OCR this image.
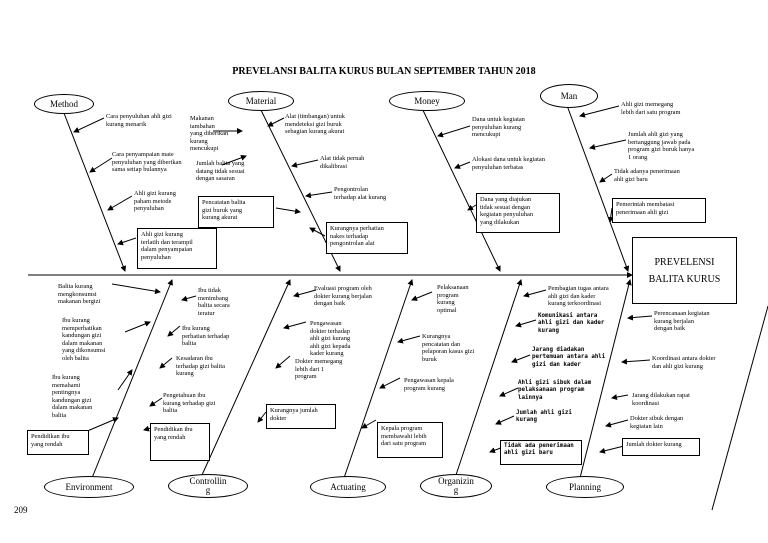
PREVELANSI BALITA KURUS BULAN SEPTEMBER TAHUN 2018
PREVELENSI
BALITA KURUS
Method	Material	Money	Man
Environment
Controllin
g	Actuating
Organizin
g	Planning
Cara penyuluhan ahli gizi
kurang menarik
Cara penyampaian mate
penyuluhan yang diberikan
sama setiap bulannya
Ahli gizi kurang
paham metode
penyuluhan
Ahli gizi kurang
terlatih dan terampil
dalam penyampaian
penyuluhan
Makanan
tambahan
yang diberikan
kurang
mencukupi
Jumlah balita yang
datang tidak sesuai
dengan sasaran
Pencatatan balita
gizi buruk yang
kurang akurat
Alat (timbangan) untuk
mendeteksi gizi buruk
sebagian kurang akurat
Alat tidak pernah
dikalibrasi
Pengontrolan
terhadap alat kurang
Kurangnya perhatian
nakes terhadap
pengontrolan alat
Dana untuk kegiatan
penyuluhan kurang
mencukupi
Alokasi dana untuk kegiatan
penyuluhan terbatas
Dana yang diajukan
tidak sesuai dengan
kegiatan penyuluhan
yang dilakukan
Ahli gizi memegang
lebih dari satu program
Jumlah ahli gizi yang
bertanggung jawab pada
program gizi buruk hanya
1 orang
Tidak adanya penerimaan
ahli gizi baru
Pemerintah membatasi
penerimaan ahli gizi
Balita kurang
mengkonsumsi
makanan bergizi
Ibu kurang
memperhatikan
kandungan gizi
dalam makanan
yang dikonsumsi
oleh balita
Ibu kurang
memahami
pentingnya
kandungan gizi
dalam makanan
balita
Pendidikan ibu
yang rendah
Ibu tidak
menimbang
balita secara
teratur
Ibu kurang
perhatian terhadap
balita
Kesadaran ibu
terhadap gizi balita
kurang
Pengetahuan ibu
kurang terhadap gizi
balita
Pendidikan ibu
yang rendah
Evaluasi program oleh
dokter kurang berjalan
dengan baik
Pengawasan
dokter terhadap
ahli gizi kurang
ahli gizi kepada
kader kurang
Dokter memegang
lebih dari 1
program
Kurangnya jumlah
dokter
Pelaksanaan
program
kurang
optimal
Kurangnya
pencatatan dan
pelaporan kasus gizi
buruk
Pengawasan kepala
program kurang
Kepala program
membawahi lebih
dari satu program
Pembagian tugas antara
ahli gizi dan kader
kurang terkoordinasi
Komunikasi antara
ahli gizi dan kader
kurang
Jarang diadakan
pertemuan antara ahli
gizi dan kader
Ahli gizi sibuk dalam
pelaksanaan program
lainnya
Jumlah ahli gizi
kurang
Tidak ada penerimaan
ahli gizi baru
Perencanaan kegiatan
kurang berjalan
dengan baik
Koordinasi antara dokter
dan ahli gizi kurang
Jarang dilakukan rapat
koordinasi
Dokter sibuk dengan
kegiatan lain
Jumlah dokter kurang
209
